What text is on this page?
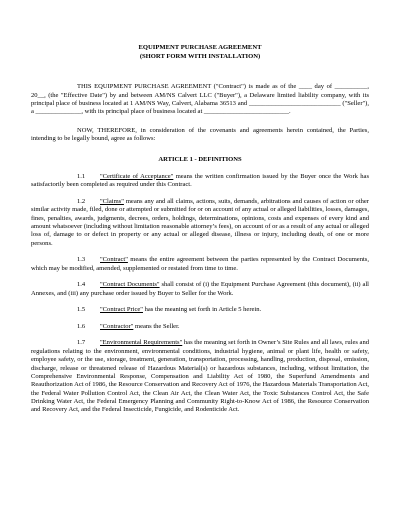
EQUIPMENT PURCHASE AGREEMENT
(SHORT FORM WITH INSTALLATION)

THIS EQUIPMENT PURCHASE AGREEMENT ("Contract") is made as of the ____ day of __________, 20__, (the "Effective Date") by and between AM/NS Calvert LLC ("Buyer"), a Delaware limited liability company, with its principal place of business located at 1 AM/NS Way, Calvert, Alabama 36513 and ____________________________ ("Seller"), a ______________, with its principal place of business located at __________________________.

NOW, THEREFORE, in consideration of the covenants and agreements herein contained, the Parties, intending to be legally bound, agree as follows:

ARTICLE 1 - DEFINITIONS

1.1 "Certificate of Acceptance" means the written confirmation issued by the Buyer once the Work has satisfactorily been completed as required under this Contract.

1.2 "Claims" means any and all claims, actions, suits, demands, arbitrations and causes of action or other similar activity made, filed, done or attempted or submitted for or on account of any actual or alleged liabilities, losses, damages, fines, penalties, awards, judgments, decrees, orders, holdings, determinations, opinions, costs and expenses of every kind and amount whatsoever (including without limitation reasonable attorney’s fees), on account of or as a result of any actual or alleged loss of, damage to or defect in property or any actual or alleged disease, illness or injury, including death, of one or more persons.

1.3 "Contract" means the entire agreement between the parties represented by the Contract Documents, which may be modified, amended, supplemented or restated from time to time.

1.4 "Contract Documents" shall consist of (i) the Equipment Purchase Agreement (this document), (ii) all Annexes, and (iii) any purchase order issued by Buyer to Seller for the Work.

1.5 "Contract Price" has the meaning set forth in Article 5 herein.

1.6 "Contractor" means the Seller.

1.7 "Environmental Requirements" has the meaning set forth in Owner’s Site Rules and all laws, rules and regulations relating to the environment, environmental conditions, industrial hygiene, animal or plant life, health or safety, employee safety, or the use, storage, treatment, generation, transportation, processing, handling, production, disposal, emission, discharge, release or threatened release of Hazardous Material(s) or hazardous substances, including, without limitation, the Comprehensive Environmental Response, Compensation and Liability Act of 1980, the Superfund Amendments and Reauthorization Act of 1986, the Resource Conservation and Recovery Act of 1976, the Hazardous Materials Transportation Act, the Federal Water Pollution Control Act, the Clean Air Act, the Clean Water Act, the Toxic Substances Control Act, the Safe Drinking Water Act, the Federal Emergency Planning and Community Right-to-Know Act of 1986, the Resource Conservation and Recovery Act, and the Federal Insecticide, Fungicide, and Rodenticide Act.
